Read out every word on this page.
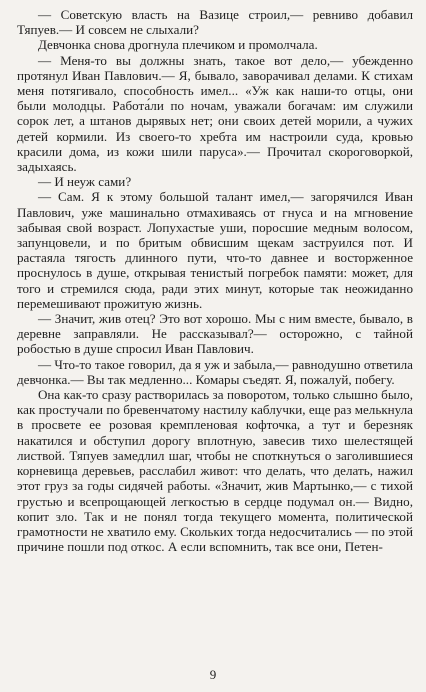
— Советскую власть на Вазице строил,— ревниво добавил Тяпуев.— И совсем не слыхали?

Девчонка снова дрогнула плечиком и промолчала.

— Меня-то вы должны знать, такое вот дело,— убежденно протянул Иван Павлович.— Я, бывало, заворачивал делами. К стихам меня потягивало, способность имел... «Уж как наши-то отцы, они были молодцы. Работа́ли по ночам, уважали богачам: им служили сорок лет, а штанов дырявых нет; они своих детей морили, а чужих детей кормили. Из своего-то хребта им настроили суда, кровью красили дома, из кожи шили паруса».— Прочитал скороговоркой, задыхаясь.

— И неуж сами?

— Сам. Я к этому большой талант имел,— загорячился Иван Павлович, уже машинально отмахиваясь от гнуса и на мгновение забывая свой возраст. Лопухастые уши, поросшие медным волосом, запунцовели, и по бритым обвисшим щекам заструился пот. И растаяла тягость длинного пути, что-то давнее и восторженное проснулось в душе, открывая тенистый погребок памяти: может, для того и стремился сюда, ради этих минут, которые так неожиданно перемешивают прожитую жизнь.

— Значит, жив отец? Это вот хорошо. Мы с ним вместе, бывало, в деревне заправляли. Не рассказывал?— осторожно, с тайной робостью в душе спросил Иван Павлович.

— Что-то такое говорил, да я уж и забыла,— равнодушно ответила девчонка.— Вы так медленно... Комары съедят. Я, пожалуй, побегу.

Она как-то сразу растворилась за поворотом, только слышно было, как простучали по бревенчатому настилу каблучки, еще раз мелькнула в просвете ее розовая кремпленовая кофточка, а тут и березняк накатился и обступил дорогу вплотную, завесив тихо шелестящей листвой. Тяпуев замедлил шаг, чтобы не споткнуться о заголившиеся корневища деревьев, расслабил живот: что делать, что делать, нажил этот груз за годы сидячей работы. «Значит, жив Мартынко,— с тихой грустью и всепрощающей легкостью в сердце подумал он.— Видно, копит зло. Так и не понял тогда текущего момента, политической грамотности не хватило ему. Скольких тогда недосчитались — по этой причине пошли под откос. А если вспомнить, так все они, Петен-

9
